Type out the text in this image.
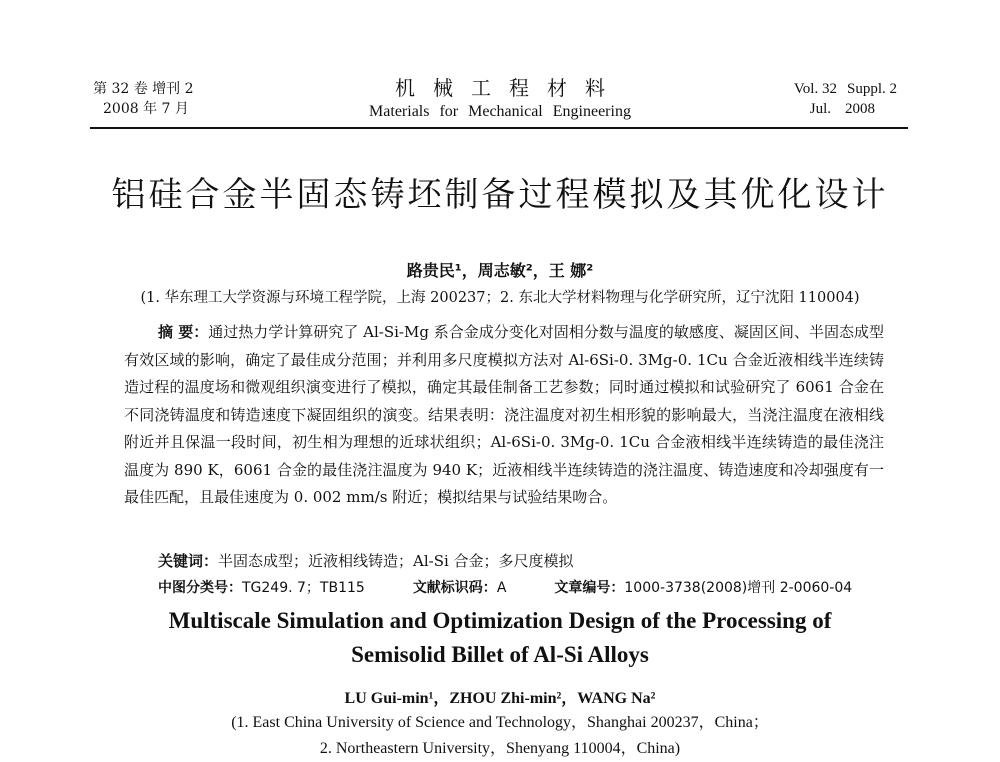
第 32 卷 增刊 2
2008 年 7 月
机械工程材料
Materials for Mechanical Engineering
Vol. 32 Suppl. 2
Jul. 2008
铝硅合金半固态铸坯制备过程模拟及其优化设计
路贵民¹，周志敏²，王 娜²
(1. 华东理工大学资源与环境工程学院，上海 200237；2. 东北大学材料物理与化学研究所，辽宁沈阳 110004)
摘 要：通过热力学计算研究了 Al-Si-Mg 系合金成分变化对固相分数与温度的敏感度、凝固区间、半固态成型有效区域的影响，确定了最佳成分范围；并利用多尺度模拟方法对 Al-6Si-0. 3Mg-0. 1Cu 合金近液相线半连续铸造过程的温度场和微观组织演变进行了模拟，确定其最佳制备工艺参数；同时通过模拟和试验研究了 6061 合金在不同浇铸温度和铸造速度下凝固组织的演变。结果表明：浇注温度对初生相形貌的影响最大，当浇注温度在液相线附近并且保温一段时间，初生相为理想的近球状组织；Al-6Si-0. 3Mg-0. 1Cu 合金液相线半连续铸造的最佳浇注温度为 890 K，6061 合金的最佳浇注温度为 940 K；近液相线半连续铸造的浇注温度、铸造速度和冷却强度有一最佳匹配，且最佳速度为 0. 002 mm/s 附近；模拟结果与试验结果吻合。
关键词：半固态成型；近液相线铸造；Al-Si 合金；多尺度模拟
中图分类号：TG249. 7；TB115	文献标识码：A	文章编号：1000-3738(2008)增刊 2-0060-04
Multiscale Simulation and Optimization Design of the Processing of
Semisolid Billet of Al-Si Alloys
LU Gui-min¹，ZHOU Zhi-min²，WANG Na²
(1. East China University of Science and Technology，Shanghai 200237，China；
2. Northeastern University，Shenyang 110004，China)
